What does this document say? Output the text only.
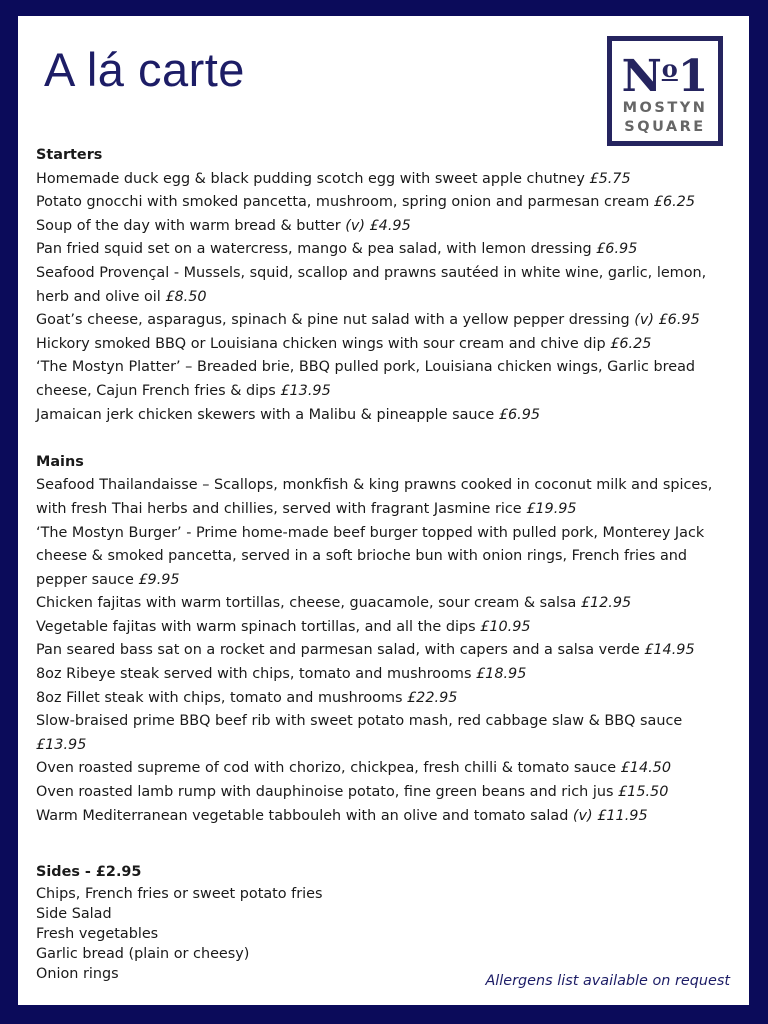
A lá carte	$N^o1$
MOSTYN
SQUARE
Starters
Homemade duck egg & black pudding scotch egg with sweet apple chutney £5.75
Potato gnocchi with smoked pancetta, mushroom, spring onion and parmesan cream £6.25
Soup of the day with warm bread & butter (v) £4.95
Pan fried squid set on a watercress, mango & pea salad, with lemon dressing £6.95
Seafood Provençal - Mussels, squid, scallop and prawns sautéed in white wine, garlic, lemon, herb and olive oil £8.50
Goat’s cheese, asparagus, spinach & pine nut salad with a yellow pepper dressing (v) £6.95
Hickory smoked BBQ or Louisiana chicken wings with sour cream and chive dip £6.25
‘The Mostyn Platter’ – Breaded brie, BBQ pulled pork, Louisiana chicken wings, Garlic bread cheese, Cajun French fries & dips £13.95
Jamaican jerk chicken skewers with a Malibu & pineapple sauce £6.95
Mains
Seafood Thailandaisse – Scallops, monkfish & king prawns cooked in coconut milk and spices, with fresh Thai herbs and chillies, served with fragrant Jasmine rice £19.95
‘The Mostyn Burger’ - Prime home-made beef burger topped with pulled pork, Monterey Jack cheese & smoked pancetta, served in a soft brioche bun with onion rings, French fries and pepper sauce £9.95
Chicken fajitas with warm tortillas, cheese, guacamole, sour cream & salsa £12.95
Vegetable fajitas with warm spinach tortillas, and all the dips £10.95
Pan seared bass sat on a rocket and parmesan salad, with capers and a salsa verde £14.95
8oz Ribeye steak served with chips, tomato and mushrooms £18.95
8oz Fillet steak with chips, tomato and mushrooms £22.95
Slow-braised prime BBQ beef rib with sweet potato mash, red cabbage slaw & BBQ sauce £13.95
Oven roasted supreme of cod with chorizo, chickpea, fresh chilli & tomato sauce £14.50
Oven roasted lamb rump with dauphinoise potato, fine green beans and rich jus £15.50
Warm Mediterranean vegetable tabbouleh with an olive and tomato salad (v) £11.95
Sides - £2.95
Chips, French fries or sweet potato fries
Side Salad
Fresh vegetables
Garlic bread (plain or cheesy)
Onion rings	Allergens list available on request
